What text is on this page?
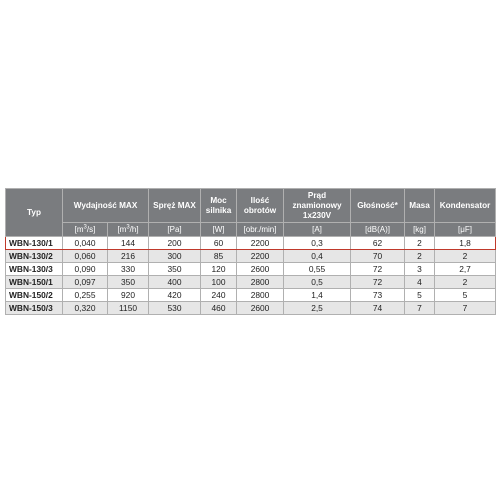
Typ	Wydajność MAX		Spręż MAX	Moc silnika	Ilość obrotów	Prąd znamionowy 1x230V	Głośność*	Masa	Kondensator
	$[m^3/s]$	$[m^3/h]$	[Pa]	[W]	[obr./min]	[A]	[dB(A)]	[kg]	[μF]
WBN-130/1	0,040	144	200	60	2200	0,3	62	2	1,8
WBN-130/2	0,060	216	300	85	2200	0,4	70	2	2
WBN-130/3	0,090	330	350	120	2600	0,55	72	3	2,7
WBN-150/1	0,097	350	400	100	2800	0,5	72	4	2
WBN-150/2	0,255	920	420	240	2800	1,4	73	5	5
WBN-150/3	0,320	1150	530	460	2600	2,5	74	7	7
